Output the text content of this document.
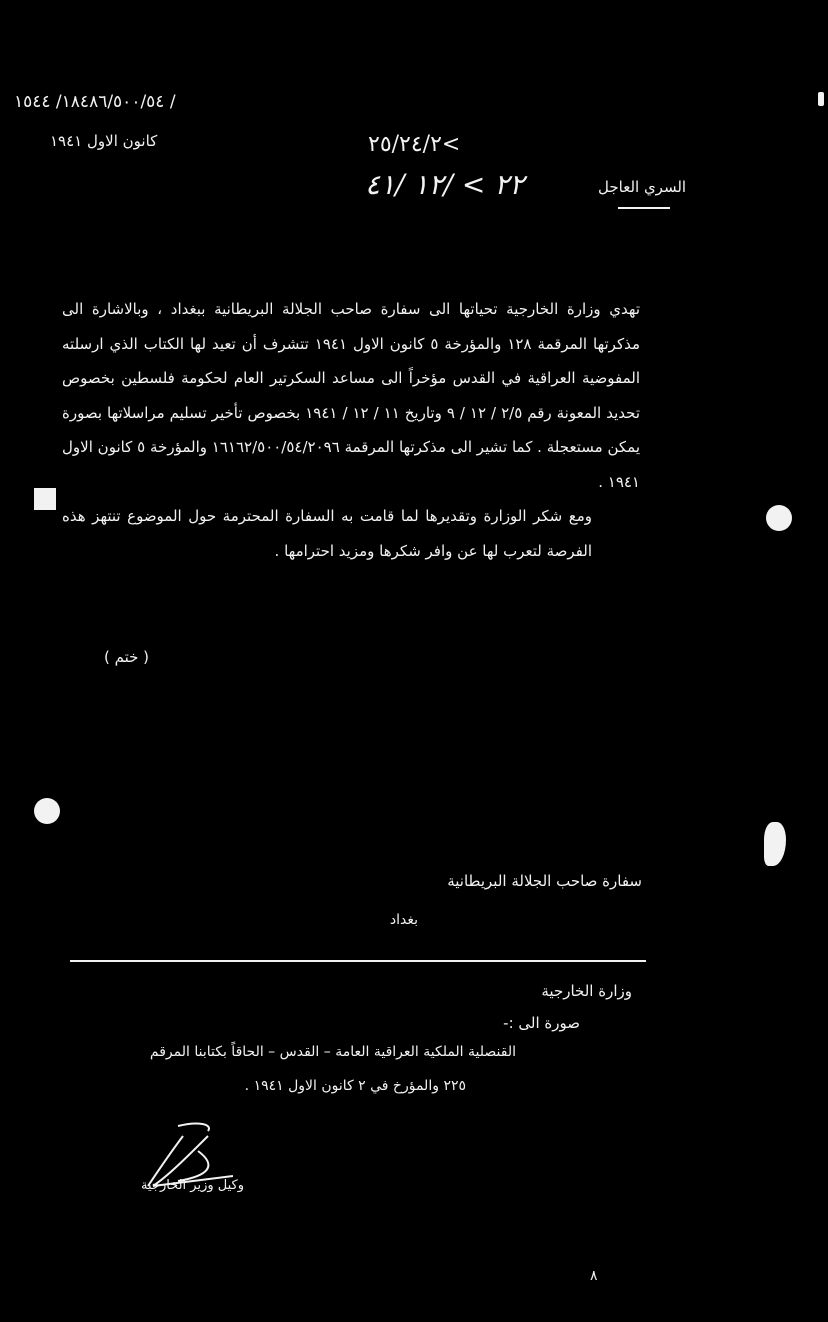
١٨٤٨٦/٥٠٠/٥٤/ ١٥٤٤ /
كانون الاول ١٩٤١	٢٥/٢٤/٢<
٢٢ > /١٢ /٤١	السري العاجل

تهدي وزارة الخارجية تحياتها الى سفارة صاحب الجلالة البريطانية ببغداد ، وبالاشارة الى مذكرتها المرقمة ١٢٨ والمؤرخة ٥ كانون الاول ١٩٤١ تتشرف أن تعيد لها الكتاب الذي ارسلته المفوضية العراقية في القدس مؤخراً الى مساعد السكرتير العام لحكومة فلسطين بخصوص تحديد المعونة رقم ٢/٥ / ١٢ / ٩ وتاريخ ١١ / ١٢ / ١٩٤١ بخصوص تأخير تسليم مراسلاتها بصورة يمكن مستعجلة . كما تشير الى مذكرتها المرقمة ١٦١٦٢/٥٠٠/٥٤/٢٠٩٦ والمؤرخة ٥ كانون الاول ١٩٤١ .

ومع شكر الوزارة وتقديرها لما قامت به السفارة المحترمة حول الموضوع تنتهز هذه الفرصة لتعرب لها عن وافر شكرها ومزيد احترامها .

( ختم )
سفارة صاحب الجلالة البريطانية
بغداد
وزارة الخارجية
صورة الى :-
القنصلية الملكية العراقية العامة – القدس – الحاقاً بكتابنا المرقم
٢٢٥ والمؤرخ في ٢ كانون الاول ١٩٤١ .
وكيل وزير الخارجية
٨
